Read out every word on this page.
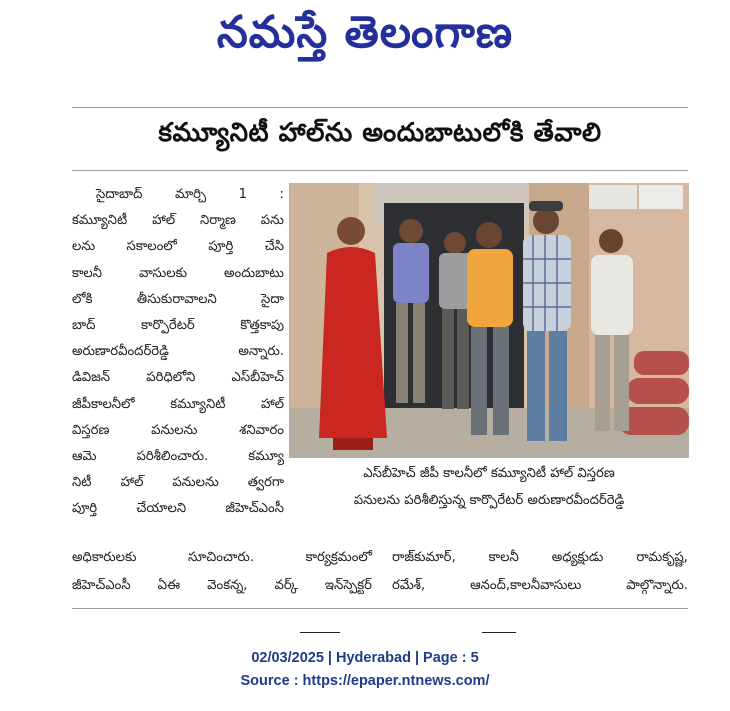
నమస్తే తెలంగాణ
కమ్యూనిటీ హాల్‌ను అందుబాటులోకి తేవాలి
సైదాబాద్ మార్చి 1 :
కమ్యూనిటీ హాల్ నిర్మాణ పను
లను సకాలంలో పూర్తి చేసి
కాలనీ వాసులకు అందుబాటు
లోకి తీసుకురావాలని సైదా
బాద్ కార్పొరేటర్ కొత్తకాపు
అరుణారవీందర్‌రెడ్డి అన్నారు.
డివిజన్ పరిధిలోని ఎస్‌బీహెచ్
జీపీకాలనీలో కమ్యూనిటీ హాల్
విస్తరణ పనులను శనివారం
ఆమె పరిశీలించారు. కమ్యూ
నిటీ హాల్ పనులను త్వరగా
పూర్తి చేయాలని జీహెచ్‌ఎంసీ
ఎస్‌బీహెచ్ జీపీ కాలనీలో కమ్యూనిటీ హాల్ విస్తరణ
పనులను పరిశీలిస్తున్న కార్పొరేటర్ అరుణారవీందర్‌రెడ్డి
అధికారులకు సూచించారు. కార్యక్రమంలో
జీహెచ్‌ఎంసీ ఏఈ వెంకన్న, వర్క్ ఇన్‌స్పెక్టర్
రాజ్‌కుమార్, కాలనీ అధ్యక్షుడు రామకృష్ణ,
రమేశ్, ఆనంద్,కాలనీవాసులు పాల్గొన్నారు.
02/03/2025 | Hyderabad | Page : 5
Source : https://epaper.ntnews.com/
